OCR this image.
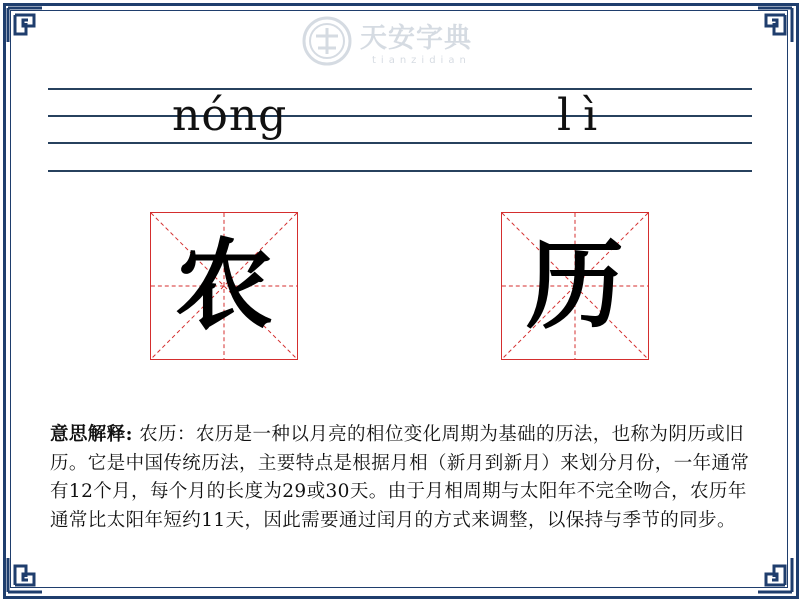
天安字典
tianzidian
nóng	lì
农	历
意思解释: 农历：农历是一种以月亮的相位变化周期为基础的历法，也称为阴历或旧历。它是中国传统历法，主要特点是根据月相（新月到新月）来划分月份，一年通常有12个月，每个月的长度为29或30天。由于月相周期与太阳年不完全吻合，农历年通常比太阳年短约11天，因此需要通过闰月的方式来调整，以保持与季节的同步。
